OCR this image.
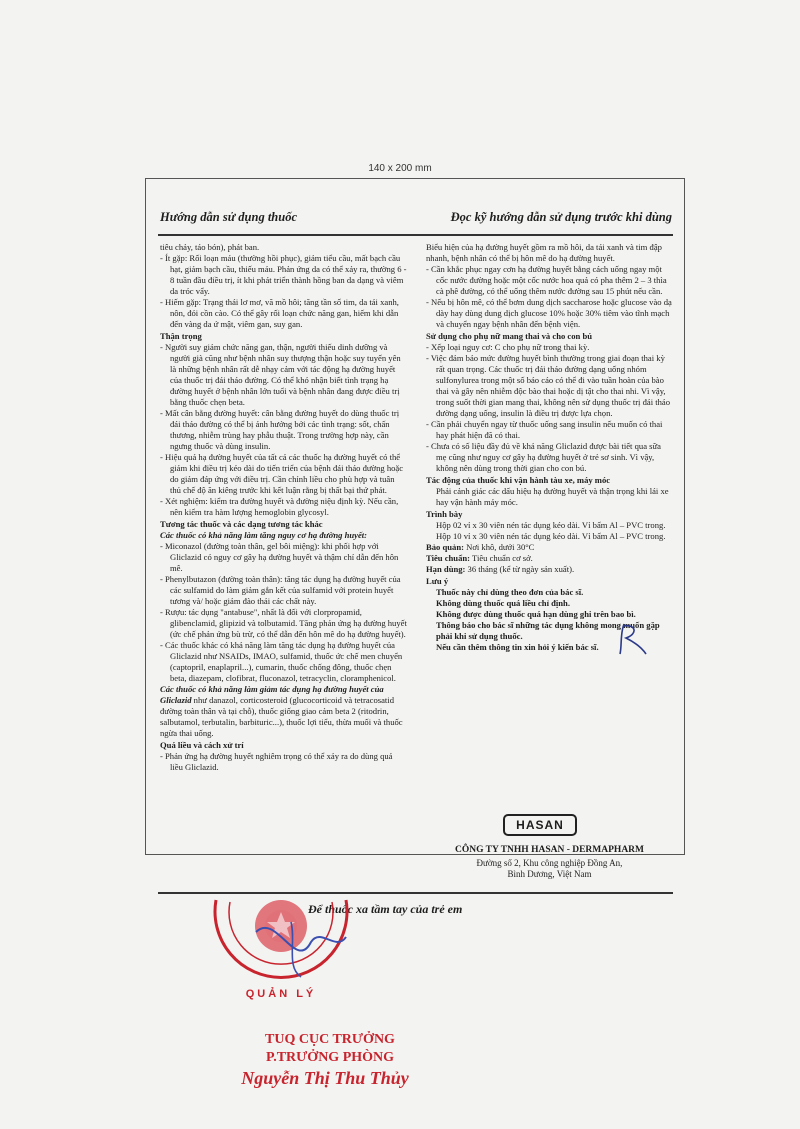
140 x 200 mm
Hướng dẫn sử dụng thuốc	Đọc kỹ hướng dẫn sử dụng trước khi dùng

tiêu chảy, táo bón), phát ban.

- Ít gặp: Rối loạn máu (thường hồi phục), giảm tiểu cầu, mất bạch cầu hạt, giảm bạch cầu, thiếu máu. Phản ứng da có thể xảy ra, thường 6 - 8 tuần đầu điều trị, ít khi phát triển thành hồng ban da dạng và viêm da tróc vẩy.

- Hiếm gặp: Trạng thái lơ mơ, vã mồ hôi; tăng tần số tim, da tái xanh, nôn, đói cồn cào. Có thể gây rối loạn chức năng gan, hiếm khi dẫn đến vàng da ứ mật, viêm gan, suy gan.

Thận trọng

- Người suy giảm chức năng gan, thận, người thiếu dinh dưỡng và người già cũng như bệnh nhân suy thượng thận hoặc suy tuyến yên là những bệnh nhân rất dễ nhạy cảm với tác động hạ đường huyết của thuốc trị đái tháo đường. Có thể khó nhận biết tình trạng hạ đường huyết ở bệnh nhân lớn tuổi và bệnh nhân đang được điều trị bằng thuốc chẹn beta.

- Mất cân bằng đường huyết: cân bằng đường huyết do dùng thuốc trị đái tháo đường có thể bị ảnh hưởng bởi các tình trạng: sốt, chấn thương, nhiễm trùng hay phẫu thuật. Trong trường hợp này, cần ngưng thuốc và dùng insulin.

- Hiệu quả hạ đường huyết của tất cả các thuốc hạ đường huyết có thể giảm khi điều trị kéo dài do tiến triển của bệnh đái tháo đường hoặc do giảm đáp ứng với điều trị. Cần chỉnh liều cho phù hợp và tuân thủ chế độ ăn kiêng trước khi kết luận rằng bị thất bại thứ phát.

- Xét nghiệm: kiểm tra đường huyết và đường niệu định kỳ. Nếu cần, nên kiểm tra hàm lượng hemoglobin glycosyl.

Tương tác thuốc và các dạng tương tác khác

Các thuốc có khả năng làm tăng nguy cơ hạ đường huyết:

- Miconazol (đường toàn thân, gel bôi miệng): khi phối hợp với Gliclazid có nguy cơ gây hạ đường huyết và thậm chí dẫn đến hôn mê.

- Phenylbutazon (đường toàn thân): tăng tác dụng hạ đường huyết của các sulfamid do làm giảm gắn kết của sulfamid với protein huyết tương và/ hoặc giảm đào thải các chất này.

- Rượu: tác dụng "antabuse", nhất là đối với clorpropamid, glibenclamid, glipizid và tolbutamid. Tăng phản ứng hạ đường huyết (ức chế phản ứng bù trừ, có thể dẫn đến hôn mê do hạ đường huyết).

- Các thuốc khác có khả năng làm tăng tác dụng hạ đường huyết của Gliclazid như NSAIDs, IMAO, sulfamid, thuốc ức chế men chuyển (captopril, enaplapril...), cumarin, thuốc chống đông, thuốc chẹn beta, diazepam, clofibrat, fluconazol, tetracyclin, cloramphenicol.

Các thuốc có khả năng làm giảm tác dụng hạ đường huyết của Gliclazid như danazol, corticosteroid (glucocorticoid và tetracosatid đường toàn thân và tại chỗ), thuốc giống giao cảm beta 2 (ritodrin, salbutamol, terbutalin, barbituric...), thuốc lợi tiểu, thừa muối và thuốc ngừa thai uống.

Quá liều và cách xử trí

- Phản ứng hạ đường huyết nghiêm trọng có thể xảy ra do dùng quá liều Gliclazid.

Biểu hiện của hạ đường huyết gồm ra mồ hôi, da tái xanh và tim đập nhanh, bệnh nhân có thể bị hôn mê do hạ đường huyết.

- Cần khắc phục ngay cơn hạ đường huyết bằng cách uống ngay một cốc nước đường hoặc một cốc nước hoa quả có pha thêm 2 – 3 thìa cà phê đường, có thể uống thêm nước đường sau 15 phút nếu cần.

- Nếu bị hôn mê, có thể bơm dung dịch saccharose hoặc glucose vào dạ dày hay dùng dung dịch glucose 10% hoặc 30% tiêm vào tĩnh mạch và chuyển ngay bệnh nhân đến bệnh viện.

Sử dụng cho phụ nữ mang thai và cho con bú

- Xếp loại nguy cơ: C cho phụ nữ trong thai kỳ.

- Việc đảm bảo mức đường huyết bình thường trong giai đoạn thai kỳ rất quan trọng. Các thuốc trị đái tháo đường dạng uống nhóm sulfonylurea trong một số báo cáo có thể đi vào tuần hoàn của bào thai và gây nên nhiễm độc bào thai hoặc dị tật cho thai nhi. Vì vậy, trong suốt thời gian mang thai, không nên sử dụng thuốc trị đái tháo đường dạng uống, insulin là điều trị được lựa chọn.

- Cần phải chuyển ngay từ thuốc uống sang insulin nếu muốn có thai hay phát hiện đã có thai.

- Chưa có số liệu đầy đủ về khả năng Gliclazid được bài tiết qua sữa mẹ cũng như nguy cơ gây hạ đường huyết ở trẻ sơ sinh. Vì vậy, không nên dùng trong thời gian cho con bú.

Tác động của thuốc khi vận hành tàu xe, máy móc

Phải cảnh giác các dấu hiệu hạ đường huyết và thận trọng khi lái xe hay vận hành máy móc.

Trình bày

Hộp 02 vỉ x 30 viên nén tác dụng kéo dài. Vỉ bấm Al – PVC trong.

Hộp 10 vỉ x 30 viên nén tác dụng kéo dài. Vỉ bấm Al – PVC trong.

Bảo quản: Nơi khô, dưới 30°C

Tiêu chuẩn: Tiêu chuẩn cơ sở.

Hạn dùng: 36 tháng (kể từ ngày sản xuất).

Lưu ý

Thuốc này chỉ dùng theo đơn của bác sĩ.

Không dùng thuốc quá liều chỉ định.

Không được dùng thuốc quá hạn dùng ghi trên bao bì.

Thông báo cho bác sĩ những tác dụng không mong muốn gặp phải khi sử dụng thuốc.

Nếu cần thêm thông tin xin hỏi ý kiến bác sĩ.

HASAN
CÔNG TY TNHH HASAN - DERMAPHARM
Đường số 2, Khu công nghiệp Đồng An,
Bình Dương, Việt Nam
Để thuốc xa tầm tay của trẻ em
QUẢN LÝ
TUQ CỤC TRƯỞNG
P.TRƯỞNG PHÒNG
Nguyễn Thị Thu Thủy
